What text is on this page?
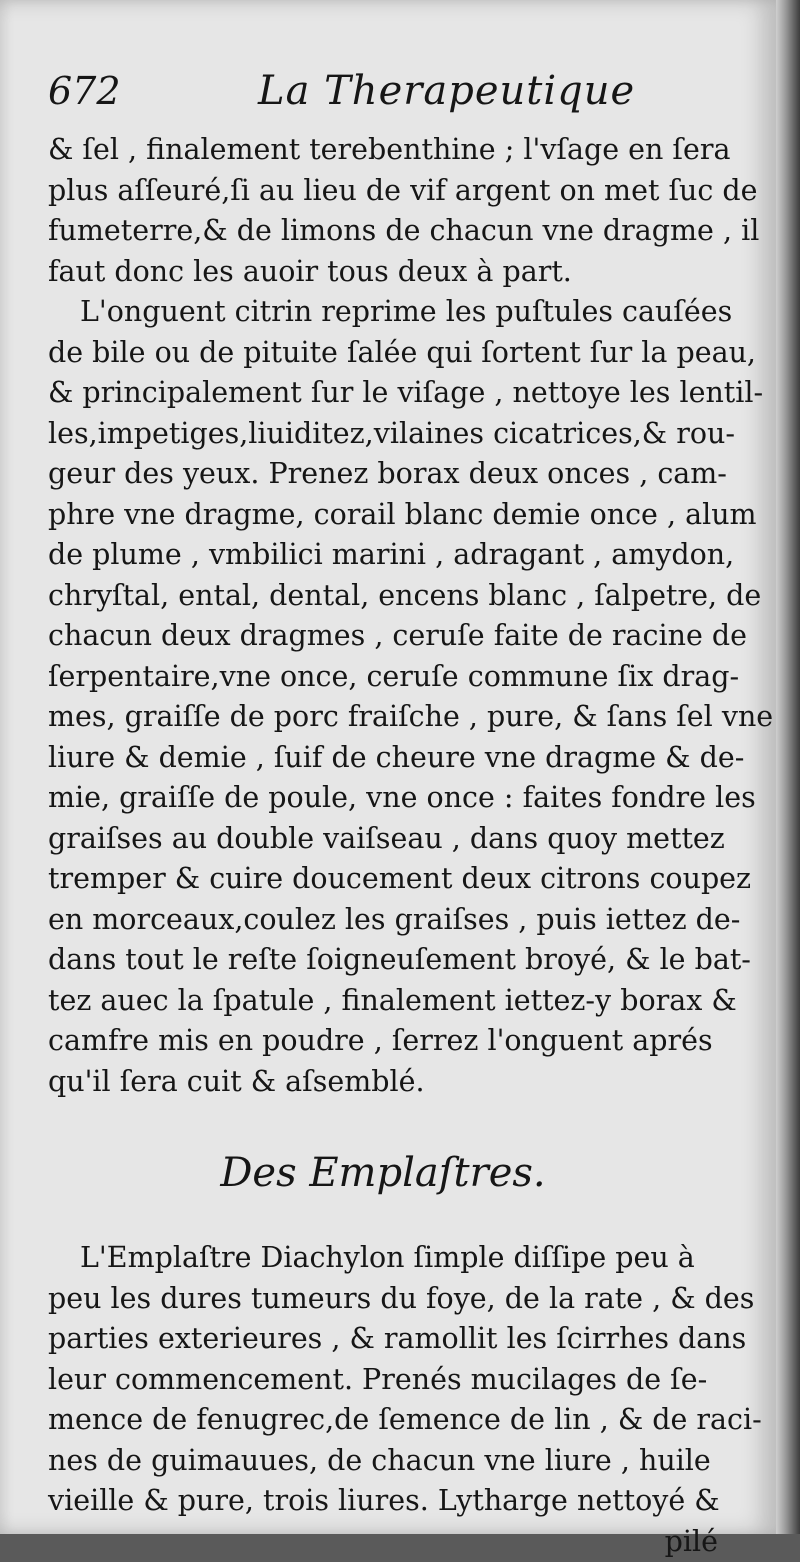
672	La Therapeutique
& ſel , finalement terebenthine ; l'vſage en ſera
plus aſſeuré,ſi au lieu de vif argent on met ſuc de
fumeterre,& de limons de chacun vne dragme , il
faut donc les auoir tous deux à part.
L'onguent citrin reprime les puſtules cauſées
de bile ou de pituite ſalée qui ſortent ſur la peau,
& principalement ſur le viſage , nettoye les lentil-
les,impetiges,liuiditez,vilaines cicatrices,& rou-
geur des yeux. Prenez borax deux onces , cam-
phre vne dragme, corail blanc demie once , alum
de plume , vmbilici marini , adragant , amydon,
chryſtal, ental, dental, encens blanc , ſalpetre, de
chacun deux dragmes , ceruſe faite de racine de
ſerpentaire,vne once, ceruſe commune ſix drag-
mes, graiſſe de porc fraiſche , pure, & ſans ſel vne
liure & demie , ſuif de cheure vne dragme & de-
mie, graiſſe de poule, vne once : faites fondre les
graiſses au double vaiſseau , dans quoy mettez
tremper & cuire doucement deux citrons coupez
en morceaux,coulez les graiſses , puis iettez de-
dans tout le reſte ſoigneuſement broyé, & le bat-
tez auec la ſpatule , finalement iettez-y borax &
camfre mis en poudre , ſerrez l'onguent aprés
qu'il ſera cuit & aſsemblé.
Des Emplaſtres.
L'Emplaſtre Diachylon ſimple diſſipe peu à
peu les dures tumeurs du foye, de la rate , & des
parties exterieures , & ramollit les ſcirrhes dans
leur commencement. Prenés mucilages de ſe-
mence de fenugrec,de ſemence de lin , & de raci-
nes de guimauues, de chacun vne liure , huile
vieille & pure, trois liures. Lytharge nettoyé &
pilé
